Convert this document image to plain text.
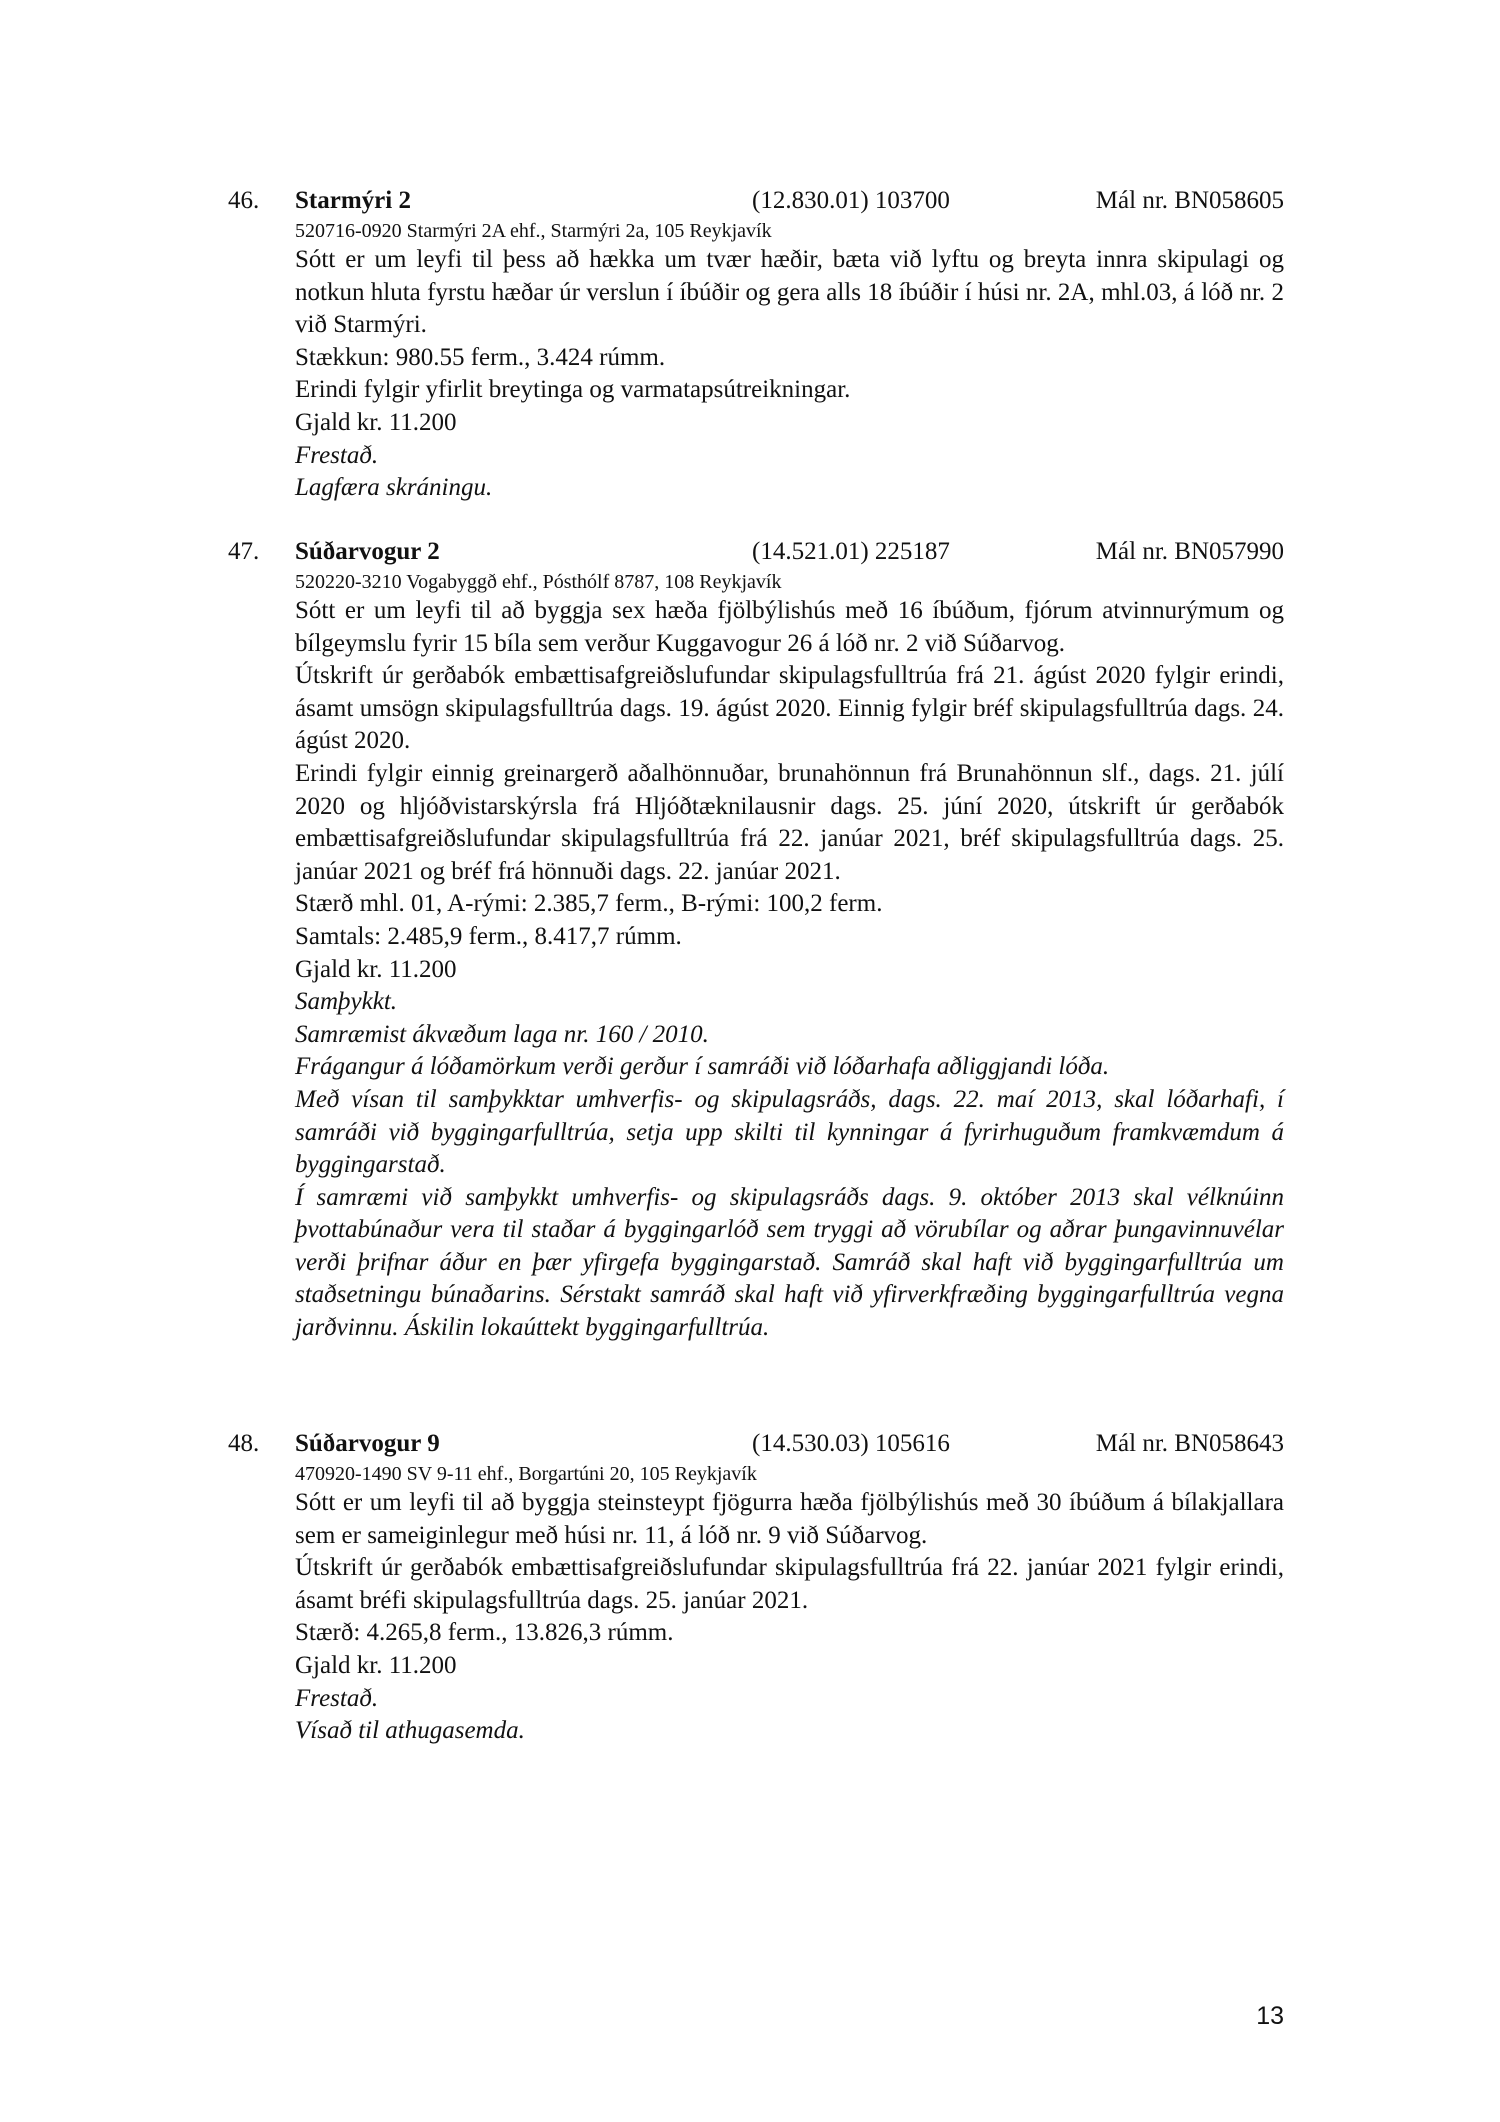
46. Starmýri 2	(12.830.01) 103700	Mál nr. BN058605
520716-0920 Starmýri 2A ehf., Starmýri 2a, 105 Reykjavík
Sótt er um leyfi til þess að hækka um tvær hæðir, bæta við lyftu og breyta innra skipulagi og notkun hluta fyrstu hæðar úr verslun í íbúðir og gera alls 18 íbúðir í húsi nr. 2A, mhl.03, á lóð nr. 2 við Starmýri.
Stækkun: 980.55 ferm., 3.424 rúmm.
Erindi fylgir yfirlit breytinga og varmatapsútreikningar.
Gjald kr. 11.200
Frestað.
Lagfæra skráningu.
47. Súðarvogur 2	(14.521.01) 225187	Mál nr. BN057990
520220-3210 Vogabyggð ehf., Pósthólf 8787, 108 Reykjavík
Sótt er um leyfi til að byggja sex hæða fjölbýlishús með 16 íbúðum, fjórum atvinnurýmum og bílgeymslu fyrir 15 bíla sem verður Kuggavogur 26 á lóð nr. 2 við Súðarvog.
Útskrift úr gerðabók embættisafgreiðslufundar skipulagsfulltrúa frá 21. ágúst 2020 fylgir erindi, ásamt umsögn skipulagsfulltrúa dags. 19. ágúst 2020. Einnig fylgir bréf skipulagsfulltrúa dags. 24. ágúst 2020.
Erindi fylgir einnig greinargerð aðalhönnuðar, brunahönnun frá Brunahönnun slf., dags. 21. júlí 2020 og hljóðvistarskýrsla frá Hljóðtæknilausnir dags. 25. júní 2020, útskrift úr gerðabók embættisafgreiðslufundar skipulagsfulltrúa frá 22. janúar 2021, bréf skipulagsfulltrúa dags. 25. janúar 2021 og bréf frá hönnuði dags. 22. janúar 2021.
Stærð mhl. 01, A-rými: 2.385,7 ferm., B-rými: 100,2 ferm.
Samtals: 2.485,9 ferm., 8.417,7 rúmm.
Gjald kr. 11.200
Samþykkt.
Samræmist ákvæðum laga nr. 160 / 2010.
Frágangur á lóðamörkum verði gerður í samráði við lóðarhafa aðliggjandi lóða.
Með vísan til samþykktar umhverfis- og skipulagsráðs, dags. 22. maí 2013, skal lóðarhafi, í samráði við byggingarfulltrúa, setja upp skilti til kynningar á fyrirhuguðum framkvæmdum á byggingarstað.
Í samræmi við samþykkt umhverfis- og skipulagsráðs dags. 9. október 2013 skal vélknúinn þvottabúnaður vera til staðar á byggingarlóð sem tryggi að vörubílar og aðrar þungavinnuvélar verði þrifnar áður en þær yfirgefa byggingarstað. Samráð skal haft við byggingarfulltrúa um staðsetningu búnaðarins. Sérstakt samráð skal haft við yfirverkfræðing byggingarfulltrúa vegna jarðvinnu. Áskilin lokaúttekt byggingarfulltrúa.
48. Súðarvogur 9	(14.530.03) 105616	Mál nr. BN058643
470920-1490 SV 9-11 ehf., Borgartúni 20, 105 Reykjavík
Sótt er um leyfi til að byggja steinsteypt fjögurra hæða fjölbýlishús með 30 íbúðum á bílakjallara sem er sameiginlegur með húsi nr. 11, á lóð nr. 9 við Súðarvog.
Útskrift úr gerðabók embættisafgreiðslufundar skipulagsfulltrúa frá 22. janúar 2021 fylgir erindi, ásamt bréfi skipulagsfulltrúa dags. 25. janúar 2021.
Stærð: 4.265,8 ferm., 13.826,3 rúmm.
Gjald kr. 11.200
Frestað.
Vísað til athugasemda.
13
